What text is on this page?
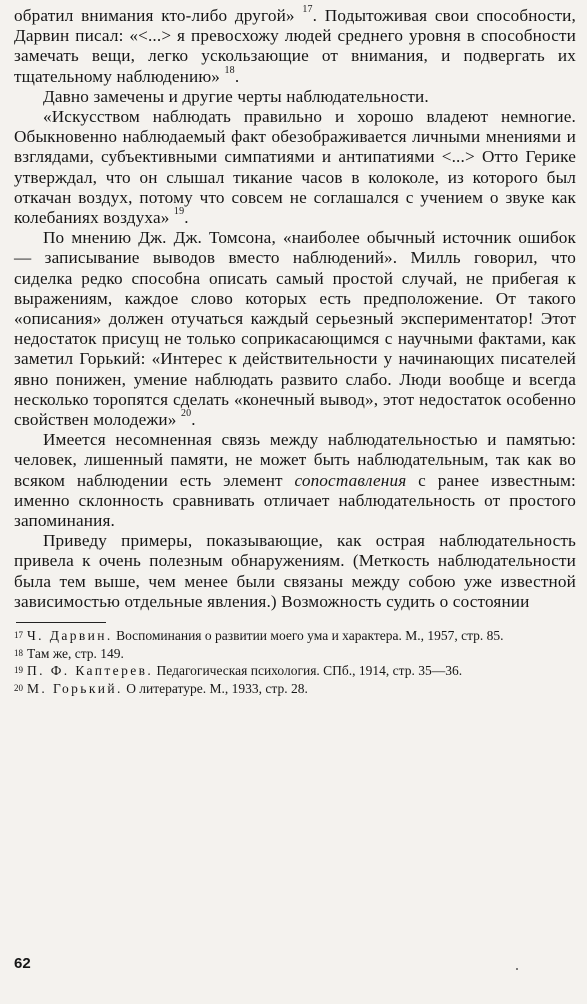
обратил внимания кто-либо другой» $^{17}$. Подытоживая свои способности, Дарвин писал: «<...> я превосхожу людей среднего уровня в способности замечать вещи, легко ускользающие от внимания, и подвергать их тщательному наблюдению» $^{18}$.

Давно замечены и другие черты наблюдательности.

«Искусством наблюдать правильно и хорошо владеют немногие. Обыкновенно наблюдаемый факт обезображивается личными мнениями и взглядами, субъективными симпатиями и антипатиями <...> Отто Герике утверждал, что он слышал тикание часов в колоколе, из которого был откачан воздух, потому что совсем не соглашался с учением о звуке как колебаниях воздуха» $^{19}$.

По мнению Дж. Дж. Томсона, «наиболее обычный источник ошибок — записывание выводов вместо наблюдений». Милль говорил, что сиделка редко способна описать самый простой случай, не прибегая к выражениям, каждое слово которых есть предположение. От такого «описания» должен отучаться каждый серьезный экспериментатор! Этот недостаток присущ не только соприкасающимся с научными фактами, как заметил Горький: «Интерес к действительности у начинающих писателей явно понижен, умение наблюдать развито слабо. Люди вообще и всегда несколько торопятся сделать «конечный вывод», этот недостаток особенно свойствен молодежи» $^{20}$.

Имеется несомненная связь между наблюдательностью и памятью: человек, лишенный памяти, не может быть наблюдательным, так как во всяком наблюдении есть элемент сопоставления с ранее известным: именно склонность сравнивать отличает наблюдательность от простого запоминания.

Приведу примеры, показывающие, как острая наблюдательность привела к очень полезным обнаружениям. (Меткость наблюдательности была тем выше, чем менее были связаны между собою уже известной зависимостью отдельные явления.) Возможность судить о состоянии

$^{17}$ Ч. Дарвин. Воспоминания о развитии моего ума и характера. М., 1957, стр. 85.

$^{18}$ Там же, стр. 149.

$^{19}$ П. Ф. Каптерев. Педагогическая психология. СПб., 1914, стр. 35—36.

$^{20}$ М. Горький. О литературе. М., 1933, стр. 28.

62
